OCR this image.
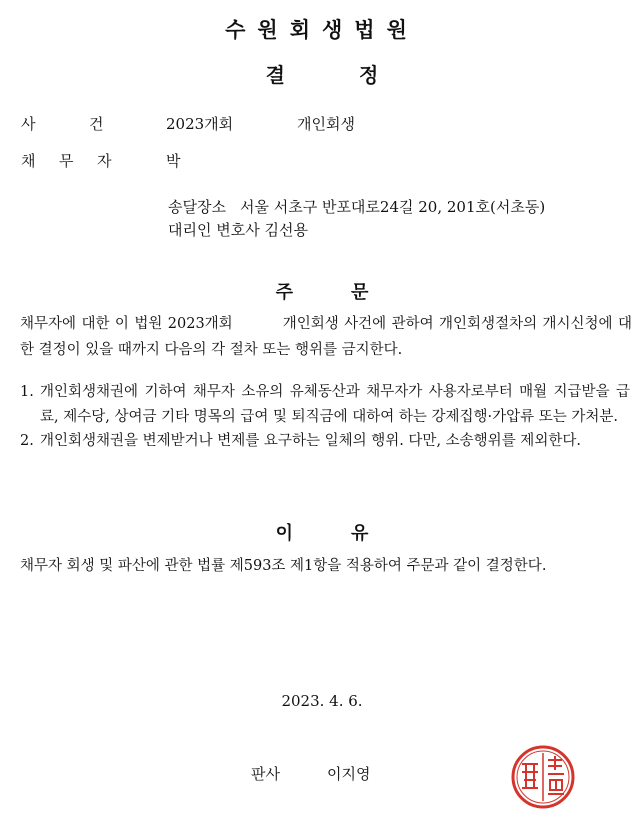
수원회생법원
결	정
사	건	2023개회	개인회생
채 무 자	박
송달장소 서울 서초구 반포대로24길 20, 201호(서초동)
대리인 변호사 김선용
주	문
채무자에 대한 이 법원 2023개회	개인회생 사건에 관하여 개인회생절차의 개시신청에 대한 결정이 있을 때까지 다음의 각 절차 또는 행위를 금지한다.
1. 개인회생채권에 기하여 채무자 소유의 유체동산과 채무자가 사용자로부터 매월 지급받을 급료, 제수당, 상여금 기타 명목의 급여 및 퇴직금에 대하여 하는 강제집행·가압류 또는 가처분.
2. 개인회생채권을 변제받거나 변제를 요구하는 일체의 행위. 다만, 소송행위를 제외한다.
이	유
채무자 회생 및 파산에 관한 법률 제593조 제1항을 적용하여 주문과 같이 결정한다.
2023. 4. 6.
판사	이지영
